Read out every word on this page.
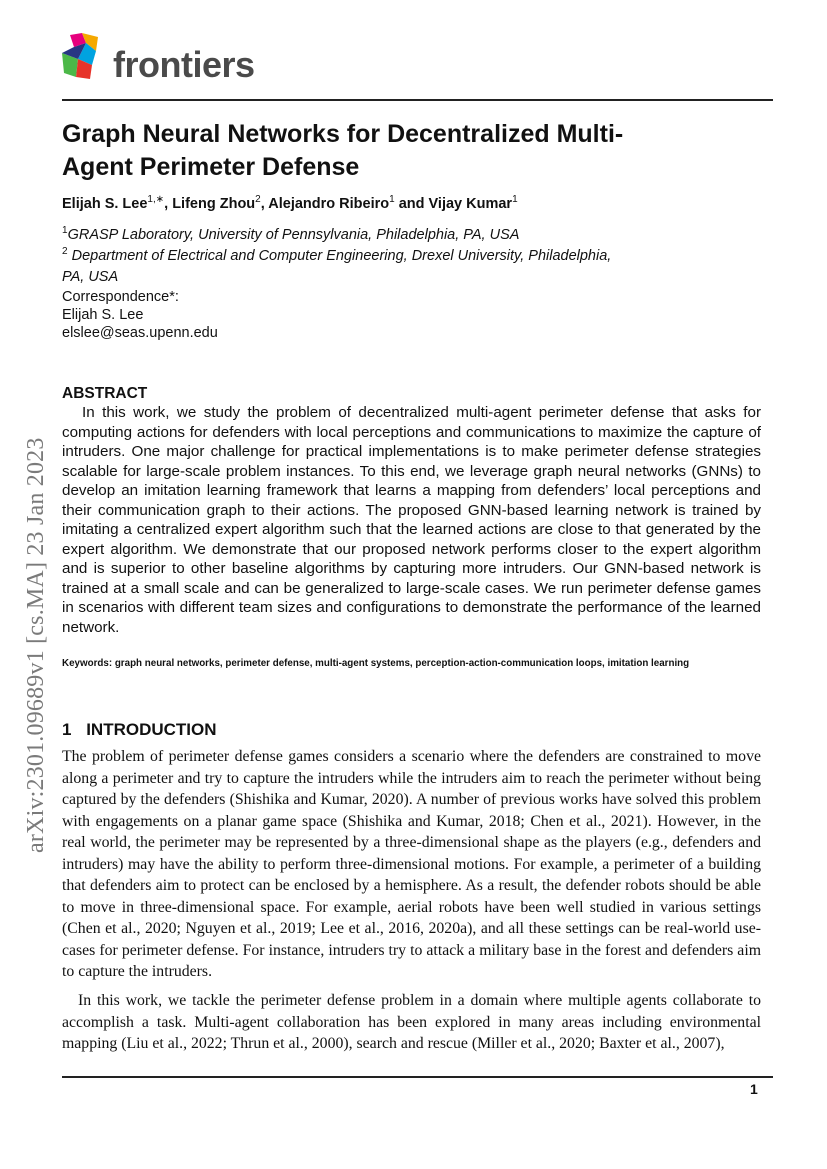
frontiers
Graph Neural Networks for Decentralized Multi-Agent Perimeter Defense
Elijah S. Lee$^{1,∗}$, Lifeng Zhou$^2$, Alejandro Ribeiro$^1$ and Vijay Kumar$^1$
$^1$GRASP Laboratory, University of Pennsylvania, Philadelphia, PA, USA
$^2$ Department of Electrical and Computer Engineering, Drexel University, Philadelphia, PA, USA
Correspondence*:
Elijah S. Lee
elslee@seas.upenn.edu
arXiv:2301.09689v1 [cs.MA] 23 Jan 2023
ABSTRACT
In this work, we study the problem of decentralized multi-agent perimeter defense that asks for computing actions for defenders with local perceptions and communications to maximize the capture of intruders. One major challenge for practical implementations is to make perimeter defense strategies scalable for large-scale problem instances. To this end, we leverage graph neural networks (GNNs) to develop an imitation learning framework that learns a mapping from defenders’ local perceptions and their communication graph to their actions. The proposed GNN-based learning network is trained by imitating a centralized expert algorithm such that the learned actions are close to that generated by the expert algorithm. We demonstrate that our proposed network performs closer to the expert algorithm and is superior to other baseline algorithms by capturing more intruders. Our GNN-based network is trained at a small scale and can be generalized to large-scale cases. We run perimeter defense games in scenarios with different team sizes and configurations to demonstrate the performance of the learned network.
Keywords: graph neural networks, perimeter defense, multi-agent systems, perception-action-communication loops, imitation learning
1 INTRODUCTION
The problem of perimeter defense games considers a scenario where the defenders are constrained to move along a perimeter and try to capture the intruders while the intruders aim to reach the perimeter without being captured by the defenders (Shishika and Kumar, 2020). A number of previous works have solved this problem with engagements on a planar game space (Shishika and Kumar, 2018; Chen et al., 2021). However, in the real world, the perimeter may be represented by a three-dimensional shape as the players (e.g., defenders and intruders) may have the ability to perform three-dimensional motions. For example, a perimeter of a building that defenders aim to protect can be enclosed by a hemisphere. As a result, the defender robots should be able to move in three-dimensional space. For example, aerial robots have been well studied in various settings (Chen et al., 2020; Nguyen et al., 2019; Lee et al., 2016, 2020a), and all these settings can be real-world use-cases for perimeter defense. For instance, intruders try to attack a military base in the forest and defenders aim to capture the intruders.
In this work, we tackle the perimeter defense problem in a domain where multiple agents collaborate to accomplish a task. Multi-agent collaboration has been explored in many areas including environmental mapping (Liu et al., 2022; Thrun et al., 2000), search and rescue (Miller et al., 2020; Baxter et al., 2007),
1
